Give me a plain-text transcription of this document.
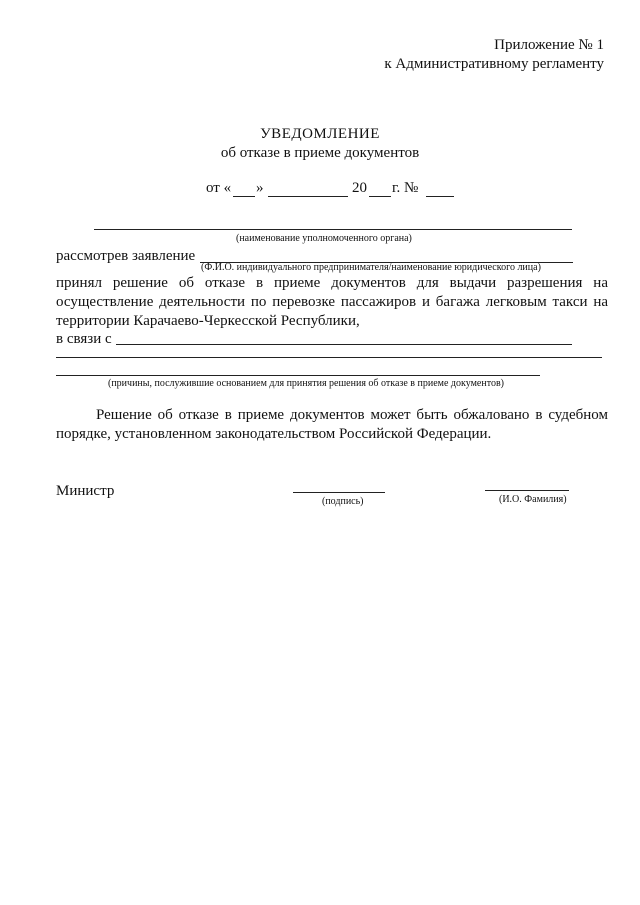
Приложение № 1
к Административному регламенту
УВЕДОМЛЕНИЕ
об отказе в приеме документов
от « »	20 г. №
(наименование уполномоченного органа)
рассмотрев заявление
(Ф.И.О. индивидуального предпринимателя/наименование юридического лица)
принял решение об отказе в приеме документов для выдачи разрешения на
осуществление деятельности по перевозке пассажиров и багажа легковым такси на
территории Карачаево-Черкесской Республики,
в связи с
(причины, послужившие основанием для принятия решения об отказе в приеме документов)
Решение об отказе в приеме документов может быть обжаловано в судебном
порядке, установленном законодательством Российской Федерации.
Министр
(подпись)	(И.О. Фамилия)
